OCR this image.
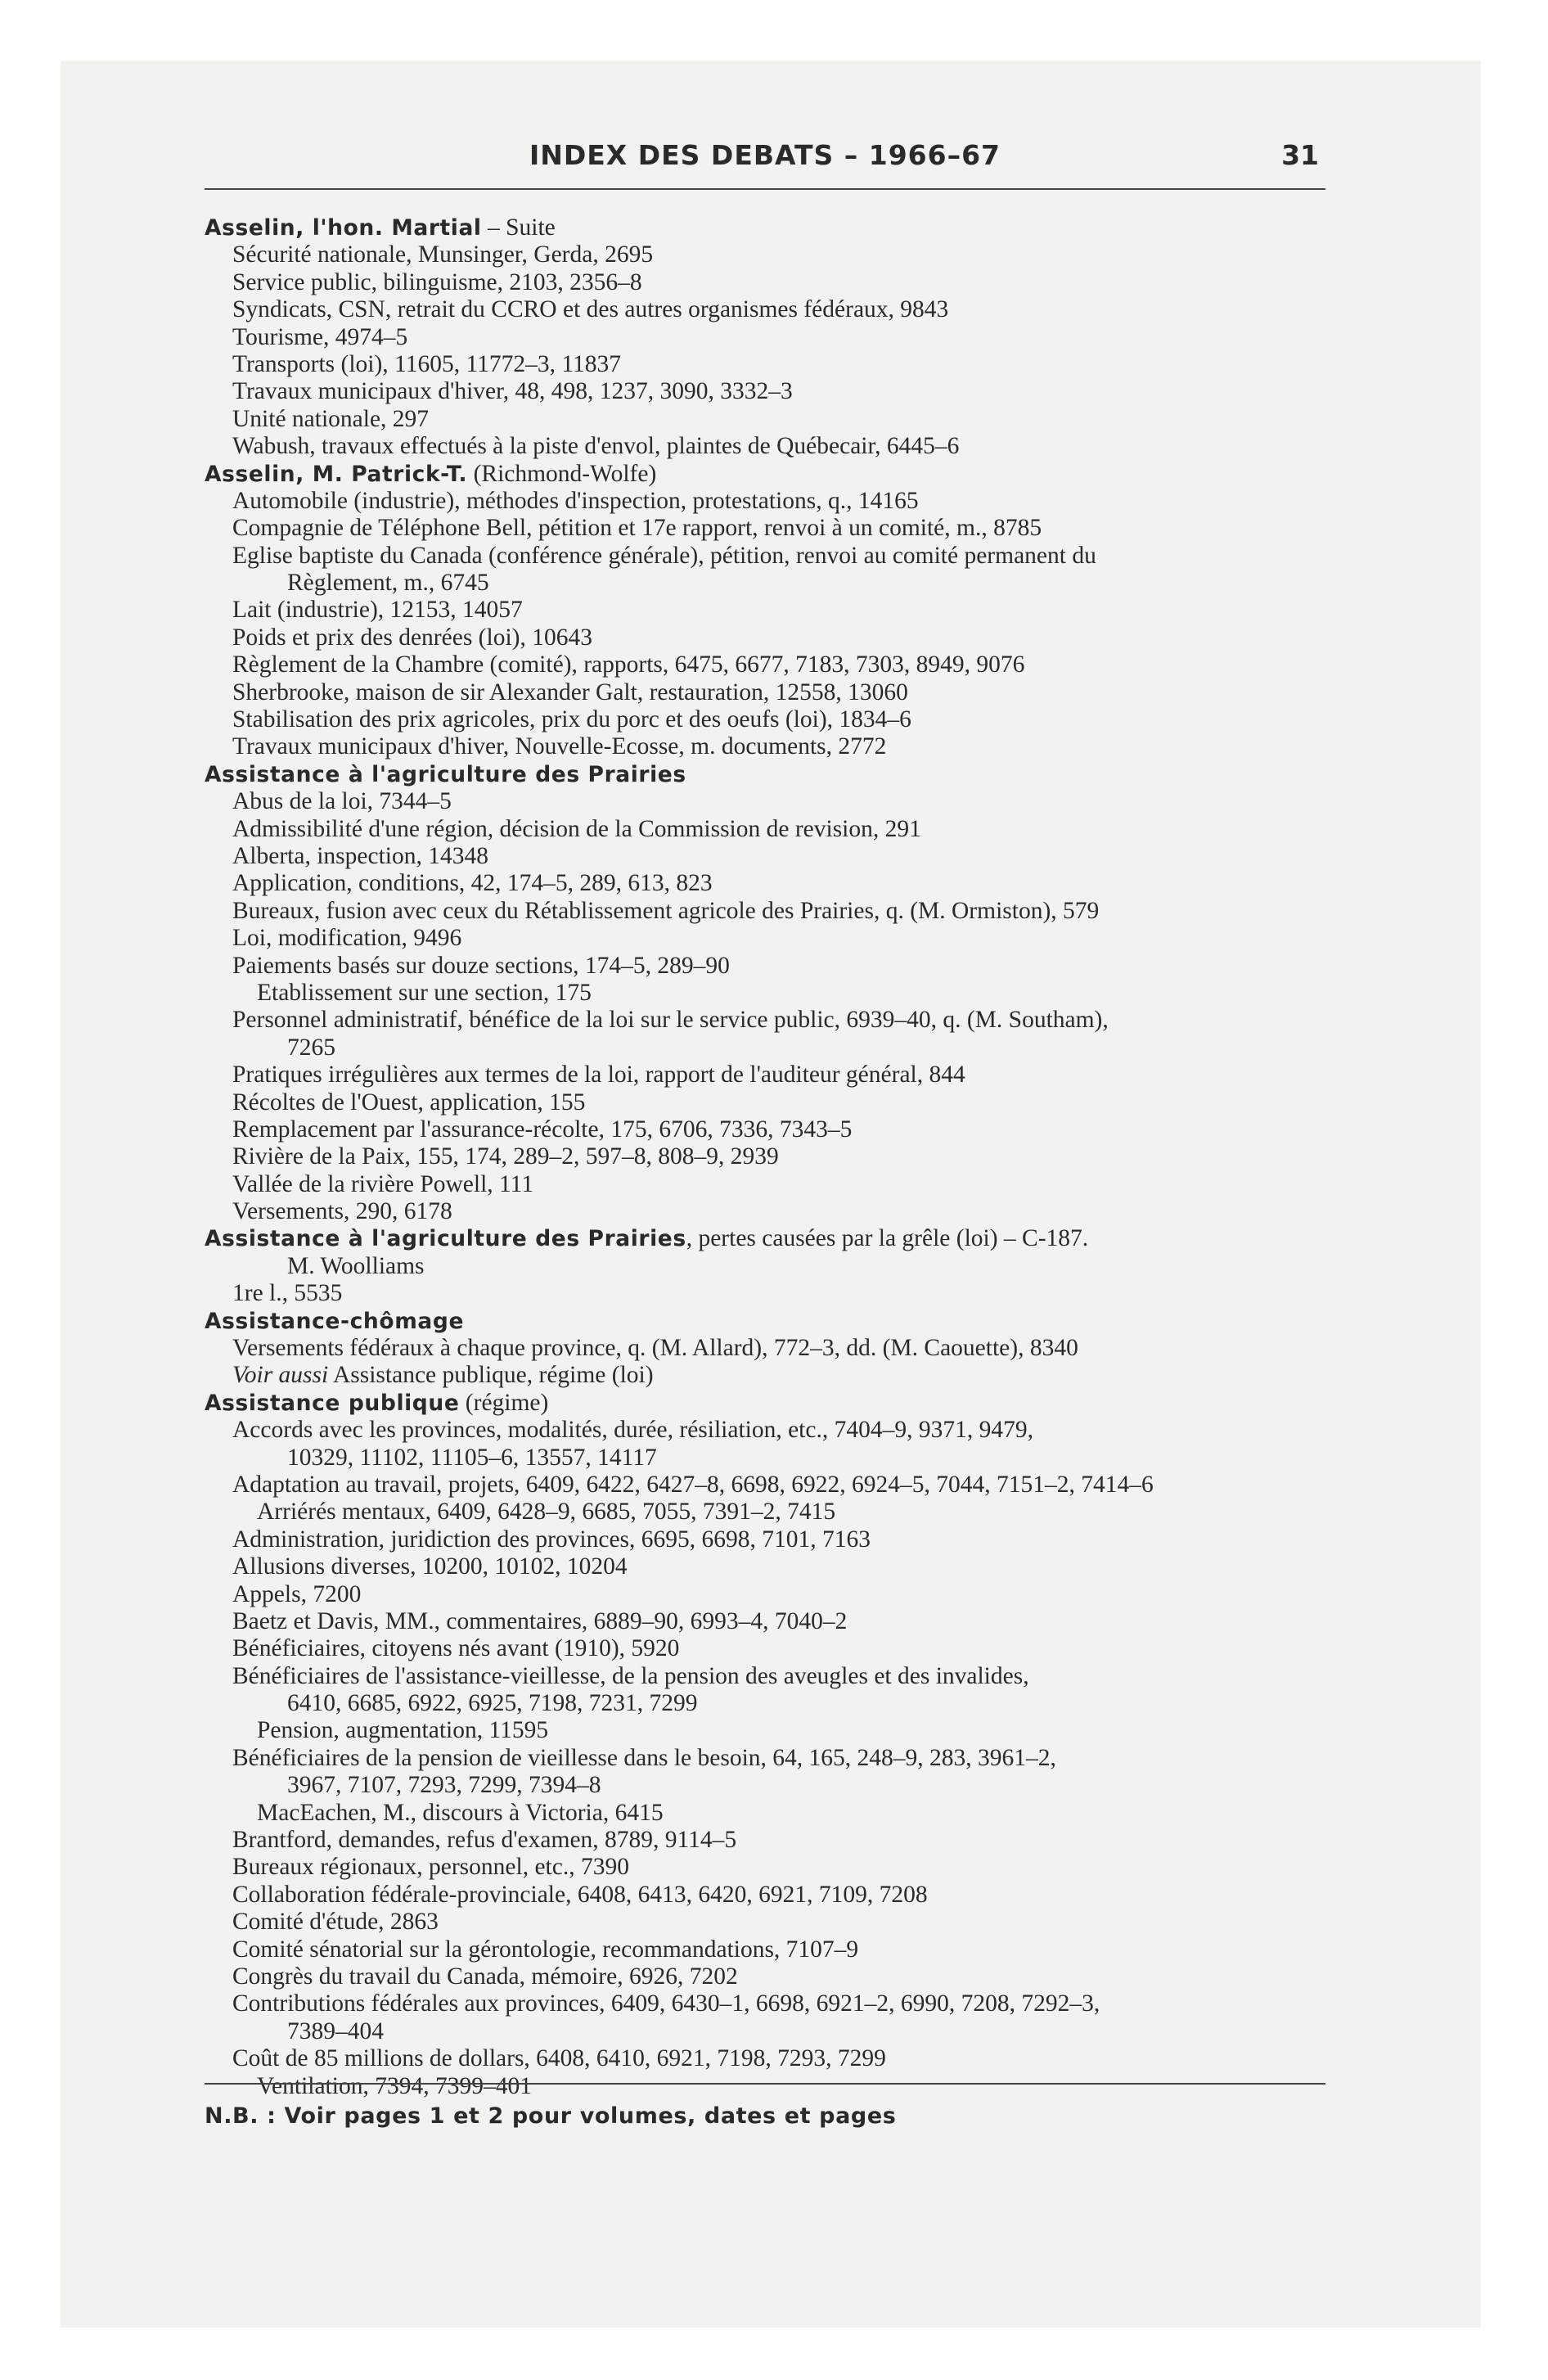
INDEX DES DEBATS – 1966–67	31
Asselin, l'hon. Martial – Suite
Sécurité nationale, Munsinger, Gerda, 2695
Service public, bilinguisme, 2103, 2356–8
Syndicats, CSN, retrait du CCRO et des autres organismes fédéraux, 9843
Tourisme, 4974–5
Transports (loi), 11605, 11772–3, 11837
Travaux municipaux d'hiver, 48, 498, 1237, 3090, 3332–3
Unité nationale, 297
Wabush, travaux effectués à la piste d'envol, plaintes de Québecair, 6445–6
Asselin, M. Patrick-T. (Richmond-Wolfe)
Automobile (industrie), méthodes d'inspection, protestations, q., 14165
Compagnie de Téléphone Bell, pétition et 17e rapport, renvoi à un comité, m., 8785
Eglise baptiste du Canada (conférence générale), pétition, renvoi au comité permanent du
Règlement, m., 6745
Lait (industrie), 12153, 14057
Poids et prix des denrées (loi), 10643
Règlement de la Chambre (comité), rapports, 6475, 6677, 7183, 7303, 8949, 9076
Sherbrooke, maison de sir Alexander Galt, restauration, 12558, 13060
Stabilisation des prix agricoles, prix du porc et des oeufs (loi), 1834–6
Travaux municipaux d'hiver, Nouvelle-Ecosse, m. documents, 2772
Assistance à l'agriculture des Prairies
Abus de la loi, 7344–5
Admissibilité d'une région, décision de la Commission de revision, 291
Alberta, inspection, 14348
Application, conditions, 42, 174–5, 289, 613, 823
Bureaux, fusion avec ceux du Rétablissement agricole des Prairies, q. (M. Ormiston), 579
Loi, modification, 9496
Paiements basés sur douze sections, 174–5, 289–90
Etablissement sur une section, 175
Personnel administratif, bénéfice de la loi sur le service public, 6939–40, q. (M. Southam),
7265
Pratiques irrégulières aux termes de la loi, rapport de l'auditeur général, 844
Récoltes de l'Ouest, application, 155
Remplacement par l'assurance-récolte, 175, 6706, 7336, 7343–5
Rivière de la Paix, 155, 174, 289–2, 597–8, 808–9, 2939
Vallée de la rivière Powell, 111
Versements, 290, 6178
Assistance à l'agriculture des Prairies, pertes causées par la grêle (loi) – C-187.
M. Woolliams
1re l., 5535
Assistance-chômage
Versements fédéraux à chaque province, q. (M. Allard), 772–3, dd. (M. Caouette), 8340
Voir aussi Assistance publique, régime (loi)
Assistance publique (régime)
Accords avec les provinces, modalités, durée, résiliation, etc., 7404–9, 9371, 9479,
10329, 11102, 11105–6, 13557, 14117
Adaptation au travail, projets, 6409, 6422, 6427–8, 6698, 6922, 6924–5, 7044, 7151–2, 7414–6
Arriérés mentaux, 6409, 6428–9, 6685, 7055, 7391–2, 7415
Administration, juridiction des provinces, 6695, 6698, 7101, 7163
Allusions diverses, 10200, 10102, 10204
Appels, 7200
Baetz et Davis, MM., commentaires, 6889–90, 6993–4, 7040–2
Bénéficiaires, citoyens nés avant (1910), 5920
Bénéficiaires de l'assistance-vieillesse, de la pension des aveugles et des invalides,
6410, 6685, 6922, 6925, 7198, 7231, 7299
Pension, augmentation, 11595
Bénéficiaires de la pension de vieillesse dans le besoin, 64, 165, 248–9, 283, 3961–2,
3967, 7107, 7293, 7299, 7394–8
MacEachen, M., discours à Victoria, 6415
Brantford, demandes, refus d'examen, 8789, 9114–5
Bureaux régionaux, personnel, etc., 7390
Collaboration fédérale-provinciale, 6408, 6413, 6420, 6921, 7109, 7208
Comité d'étude, 2863
Comité sénatorial sur la gérontologie, recommandations, 7107–9
Congrès du travail du Canada, mémoire, 6926, 7202
Contributions fédérales aux provinces, 6409, 6430–1, 6698, 6921–2, 6990, 7208, 7292–3,
7389–404
Coût de 85 millions de dollars, 6408, 6410, 6921, 7198, 7293, 7299
Ventilation, 7394, 7399–401
N.B. : Voir pages 1 et 2 pour volumes, dates et pages
